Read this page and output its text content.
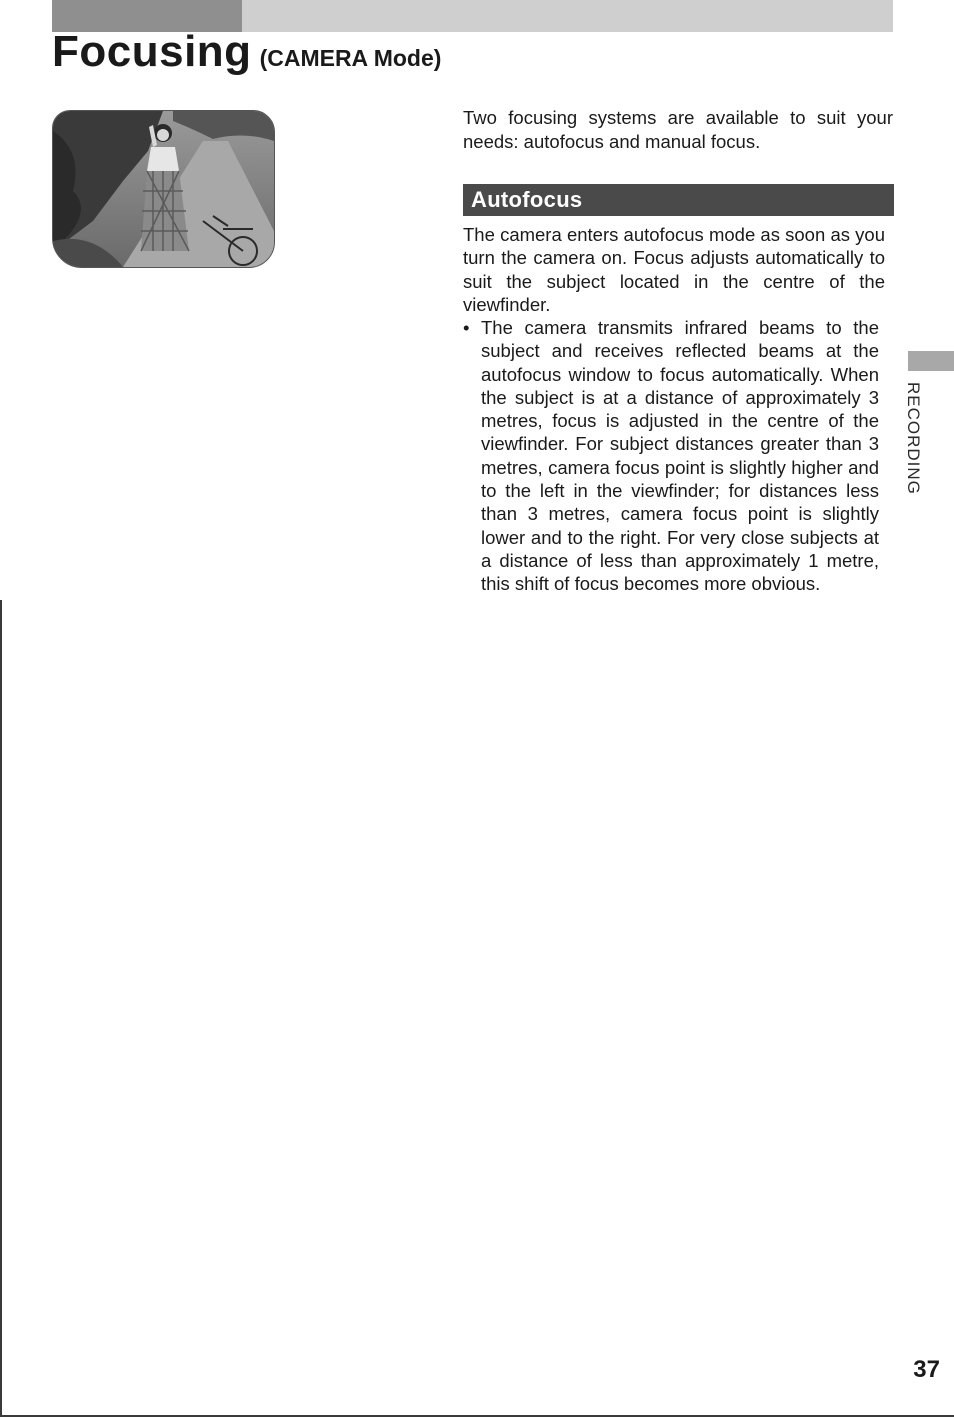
Focusing (CAMERA Mode)

Two focusing systems are available to suit your needs: autofocus and manual focus.

Autofocus

The camera enters autofocus mode as soon as you turn the camera on. Focus adjusts automatically to suit the subject located in the centre of the viewfinder.

• The camera transmits infrared beams to the subject and receives reflected beams at the autofocus window to focus automatically. When the subject is at a distance of approximately 3 metres, focus is adjusted in the centre of the viewfinder. For subject distances greater than 3 metres, camera focus point is slightly higher and to the left in the viewfinder; for distances less than 3 metres, camera focus point is slightly lower and to the right. For very close subjects at a distance of less than approximately 1 metre, this shift of focus becomes more obvious.

RECORDING
37
